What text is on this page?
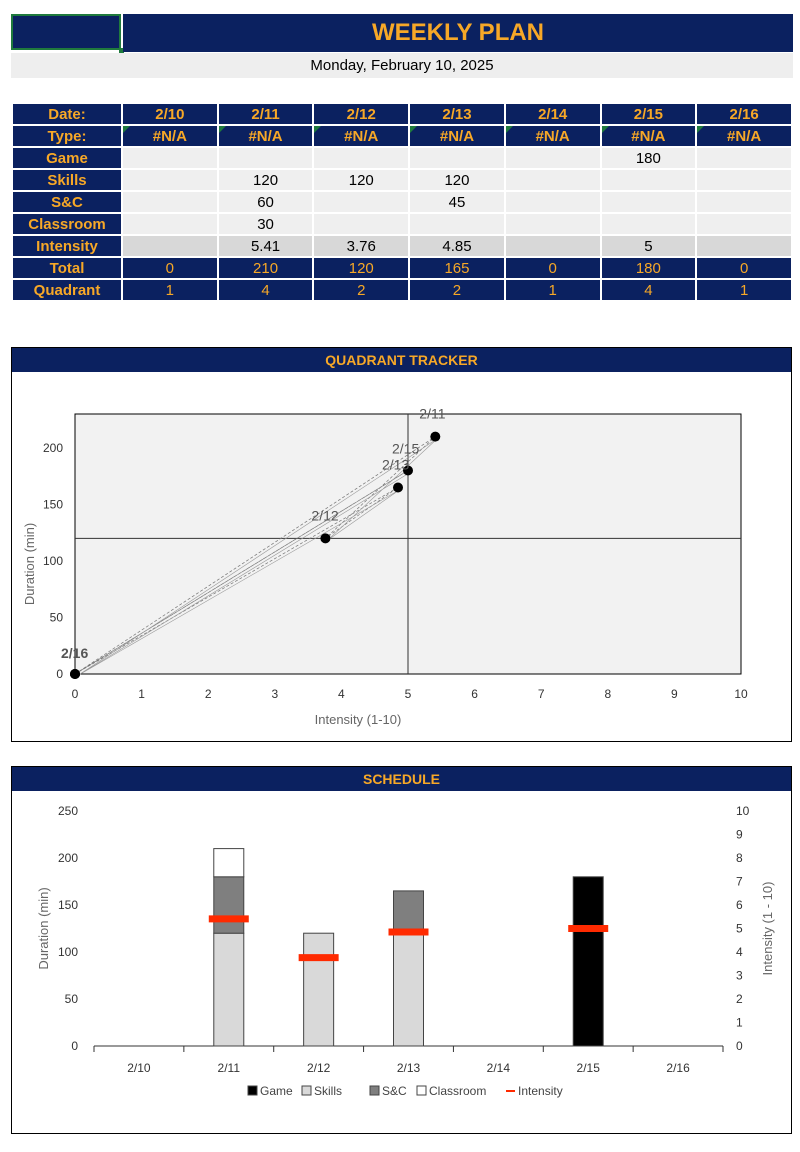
WEEKLY PLAN
Monday, February 10, 2025
Date:	2/10	2/11	2/12	2/13	2/14	2/15	2/16
Type:	#N/A	#N/A	#N/A	#N/A	#N/A	#N/A	#N/A
Game						180	
Skills		120	120	120			
S&C		60		45			
Classroom		30					
Intensity		5.41	3.76	4.85		5	
Total	0	210	120	165	0	180	0
Quadrant	1	4	2	2	1	4	1
QUADRANT TRACKER
0	1	2	3	4	5	6	7	8	9	10
0
50
100
150
200
Intensity (1-10)
Duration (min)
2/16
2/11
2/12
2/13
2/15
SCHEDULE
0
50
100
150
200
250
0
1
2
3
4
5
6
7
8
9
10
Duration (min)	Intensity (1 - 10)
2/10	2/11	2/12	2/13	2/14	2/15	2/16
Game Skills	S&C Classroom	Intensity
